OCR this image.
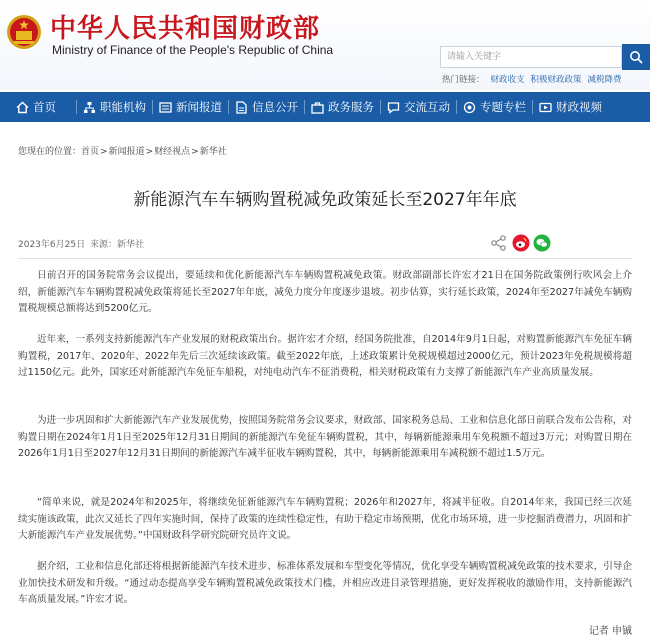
中华人民共和国财政部
Ministry of Finance of the People's Republic of China	请输入关键字
热门链接： 财政收支 积极财政政策 减税降费
首页	职能机构	新闻报道	信息公开	政务服务	交流互动	专题专栏	财政视频
您现在的位置：首页>新闻报道>财经视点>新华社
新能源汽车车辆购置税减免政策延长至2027年年底
2023年6月25日 来源：新华社

日前召开的国务院常务会议提出，要延续和优化新能源汽车车辆购置税减免政策。财政部副部长许宏才21日在国务院政策例行吹风会上介绍，新能源汽车车辆购置税减免政策将延长至2027年年底，减免力度分年度逐步退坡。初步估算，实行延长政策，2024年至2027年减免车辆购置税规模总额将达到5200亿元。

近年来，一系列支持新能源汽车产业发展的财税政策出台。据许宏才介绍，经国务院批准，自2014年9月1日起，对购置新能源汽车免征车辆购置税，2017年、2020年、2022年先后三次延续该政策。截至2022年底，上述政策累计免税规模超过2000亿元，预计2023年免税规模将超过1150亿元。此外，国家还对新能源汽车免征车船税，对纯电动汽车不征消费税，相关财税政策有力支撑了新能源汽车产业高质量发展。

为进一步巩固和扩大新能源汽车产业发展优势，按照国务院常务会议要求，财政部、国家税务总局、工业和信息化部日前联合发布公告称，对购置日期在2024年1月1日至2025年12月31日期间的新能源汽车免征车辆购置税，其中，每辆新能源乘用车免税额不超过3万元；对购置日期在2026年1月1日至2027年12月31日期间的新能源汽车减半征收车辆购置税，其中，每辆新能源乘用车减税额不超过1.5万元。

“简单来说，就是2024年和2025年，将继续免征新能源汽车车辆购置税；2026年和2027年，将减半征收。自2014年来，我国已经三次延续实施该政策，此次又延长了四年实施时间，保持了政策的连续性稳定性，有助于稳定市场预期，优化市场环境，进一步挖掘消费潜力，巩固和扩大新能源汽车产业发展优势。”中国财政科学研究院研究员许文说。

据介绍，工业和信息化部还将根据新能源汽车技术进步、标准体系发展和车型变化等情况，优化享受车辆购置税减免政策的技术要求，引导企业加快技术研发和升级。“通过动态提高享受车辆购置税减免政策技术门槛，并相应改进目录管理措施，更好发挥税收的激励作用，支持新能源汽车高质量发展。”许宏才说。

记者 申铖
